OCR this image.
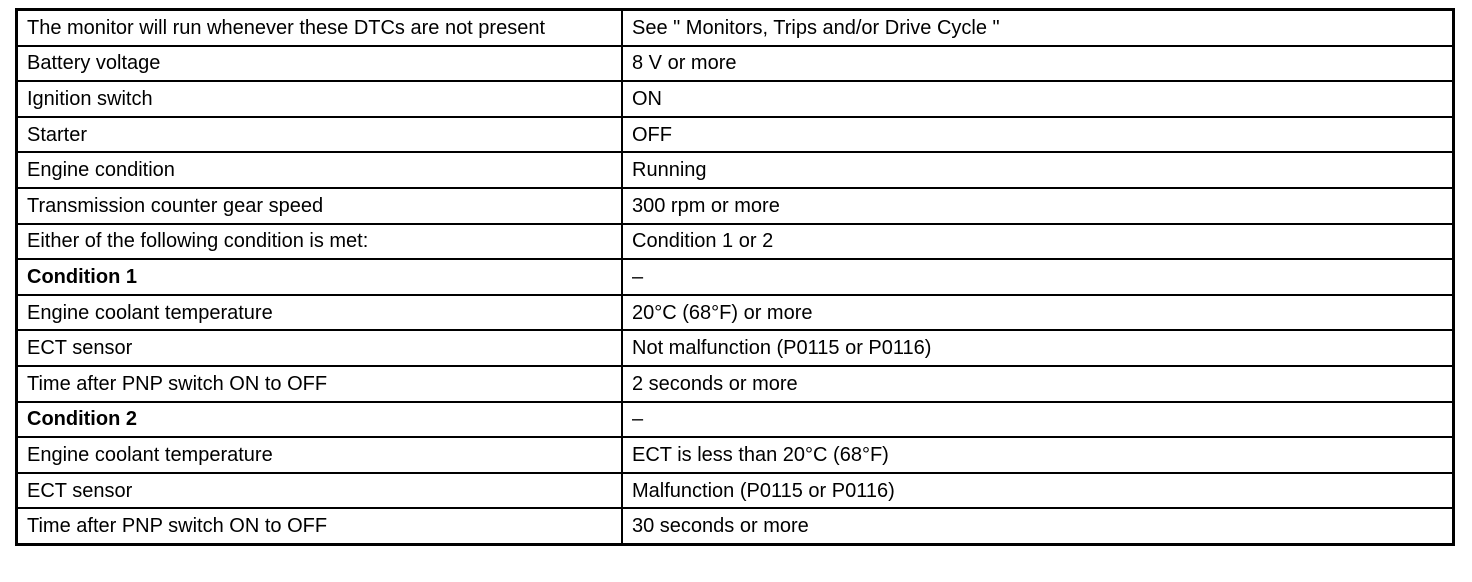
The monitor will run whenever these DTCs are not present	See " Monitors, Trips and/or Drive Cycle "
Battery voltage	8 V or more
Ignition switch	ON
Starter	OFF
Engine condition	Running
Transmission counter gear speed	300 rpm or more
Either of the following condition is met:	Condition 1 or 2
Condition 1	–
Engine coolant temperature	20°C (68°F) or more
ECT sensor	Not malfunction (P0115 or P0116)
Time after PNP switch ON to OFF	2 seconds or more
Condition 2	–
Engine coolant temperature	ECT is less than 20°C (68°F)
ECT sensor	Malfunction (P0115 or P0116)
Time after PNP switch ON to OFF	30 seconds or more
